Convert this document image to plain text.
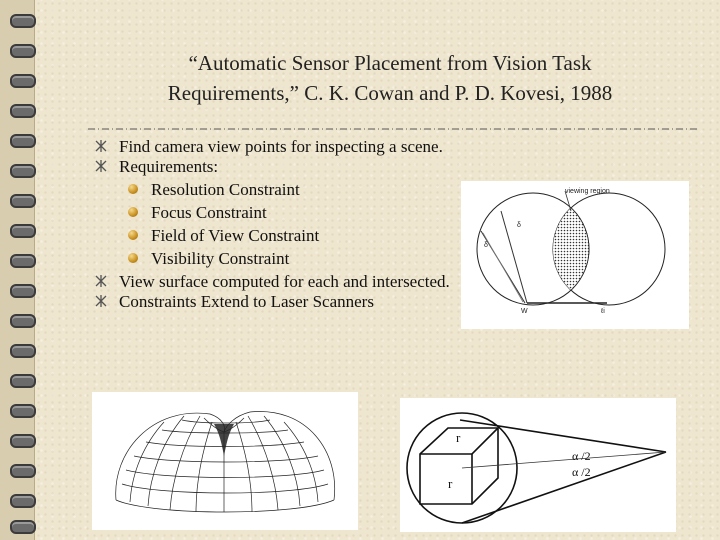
“Automatic Sensor Placement from Vision Task
Requirements,” C. K. Cowan and P. D. Kovesi, 1988
Find camera view points for inspecting a scene.
Requirements:
Resolution Constraint
Focus Constraint
Field of View Constraint
Visibility Constraint
View surface computed for each and intersected.
Constraints Extend to Laser Scanners
viewing region
δ
δ
W	ℓi
r
r
α /2
α /2
